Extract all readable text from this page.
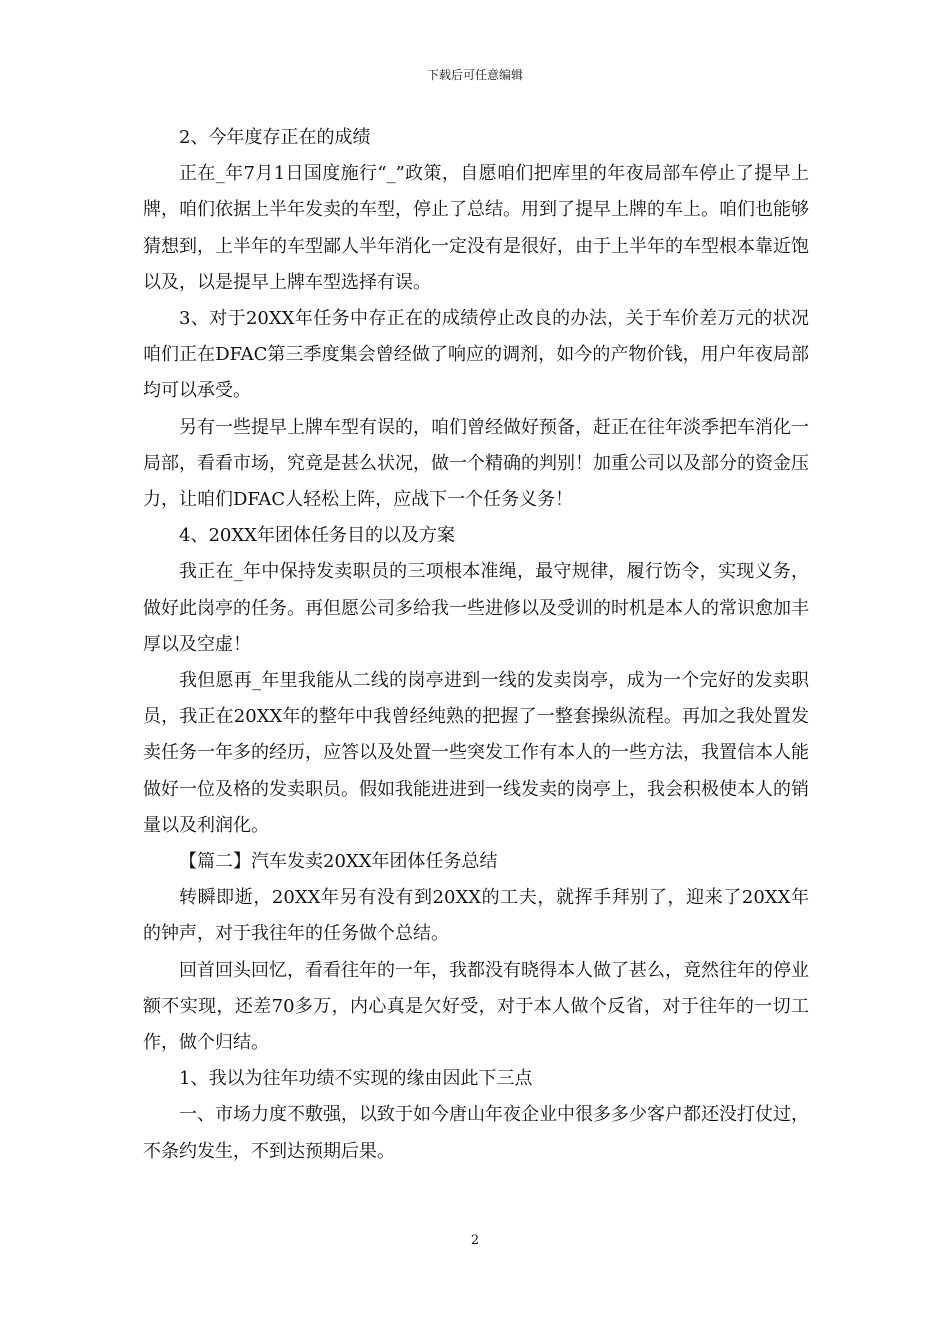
下载后可任意编辑

2、今年度存正在的成绩

正在_年7月1日国度施行“_”政策，自愿咱们把库里的年夜局部车停止了提早上牌，咱们依据上半年发卖的车型，停止了总结。用到了提早上牌的车上。咱们也能够猜想到，上半年的车型鄙人半年消化一定没有是很好，由于上半年的车型根本靠近饱以及，以是提早上牌车型选择有误。

3、对于20XX年任务中存正在的成绩停止改良的办法，关于车价差万元的状况咱们正在DFAC第三季度集会曾经做了响应的调剂，如今的产物价钱，用户年夜局部均可以承受。

另有一些提早上牌车型有误的，咱们曾经做好预备，赶正在往年淡季把车消化一局部，看看市场，究竟是甚么状况，做一个精确的判别！加重公司以及部分的资金压力，让咱们DFAC人轻松上阵，应战下一个任务义务！

4、20XX年团体任务目的以及方案

我正在_年中保持发卖职员的三项根本准绳，最守规律，履行饬令，实现义务，做好此岗亭的任务。再但愿公司多给我一些进修以及受训的时机是本人的常识愈加丰厚以及空虚！

我但愿再_年里我能从二线的岗亭进到一线的发卖岗亭，成为一个完好的发卖职员，我正在20XX年的整年中我曾经纯熟的把握了一整套操纵流程。再加之我处置发卖任务一年多的经历，应答以及处置一些突发工作有本人的一些方法，我置信本人能做好一位及格的发卖职员。假如我能进进到一线发卖的岗亭上，我会积极使本人的销量以及利润化。

【篇二】汽车发卖20XX年团体任务总结

转瞬即逝，20XX年另有没有到20XX的工夫，就挥手拜别了，迎来了20XX年的钟声，对于我往年的任务做个总结。

回首回头回忆，看看往年的一年，我都没有晓得本人做了甚么，竟然往年的停业额不实现，还差70多万，内心真是欠好受，对于本人做个反省，对于往年的一切工作，做个归结。

1、我以为往年功绩不实现的缘由因此下三点

一、市场力度不敷强，以致于如今唐山年夜企业中很多多少客户都还没打仗过，不条约发生，不到达预期后果。

2
